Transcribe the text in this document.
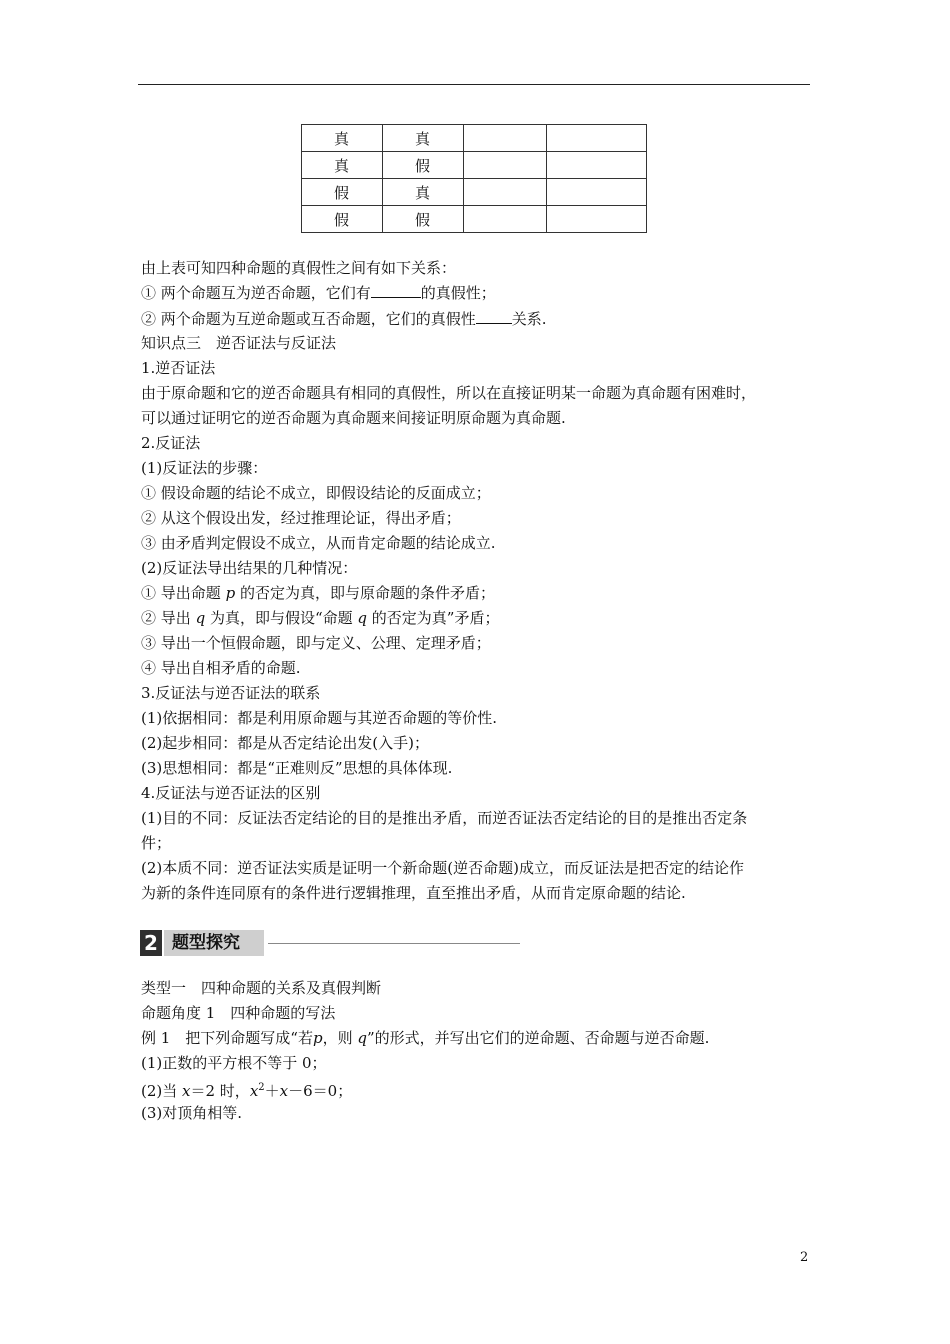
真	真		
真	假		
假	真		
假	假		
由上表可知四种命题的真假性之间有如下关系：
① 两个命题互为逆否命题，它们有	的真假性；
② 两个命题为互逆命题或互否命题，它们的真假性 关系.
知识点三　逆否证法与反证法
1.逆否证法
由于原命题和它的逆否命题具有相同的真假性，所以在直接证明某一命题为真命题有困难时，
可以通过证明它的逆否命题为真命题来间接证明原命题为真命题.
2.反证法
(1)反证法的步骤：
① 假设命题的结论不成立，即假设结论的反面成立；
② 从这个假设出发，经过推理论证，得出矛盾；
③ 由矛盾判定假设不成立，从而肯定命题的结论成立.
(2)反证法导出结果的几种情况：
① 导出命题 p 的否定为真，即与原命题的条件矛盾；
② 导出 q 为真，即与假设“命题 q 的否定为真”矛盾；
③ 导出一个恒假命题，即与定义、公理、定理矛盾；
④ 导出自相矛盾的命题.
3.反证法与逆否证法的联系
(1)依据相同：都是利用原命题与其逆否命题的等价性.
(2)起步相同：都是从否定结论出发(入手)；
(3)思想相同：都是“正难则反”思想的具体体现.
4.反证法与逆否证法的区别
(1)目的不同：反证法否定结论的目的是推出矛盾，而逆否证法否定结论的目的是推出否定条
件；
(2)本质不同：逆否证法实质是证明一个新命题(逆否命题)成立，而反证法是把否定的结论作
为新的条件连同原有的条件进行逻辑推理，直至推出矛盾，从而肯定原命题的结论.
2 题型探究
类型一　四种命题的关系及真假判断
命题角度 1　四种命题的写法
例 1　把下列命题写成“若p，则 q”的形式，并写出它们的逆命题、否命题与逆否命题.
(1)正数的平方根不等于 0；
(2)当 x＝2 时，$x^2+x-6=0$；
(3)对顶角相等.
2
